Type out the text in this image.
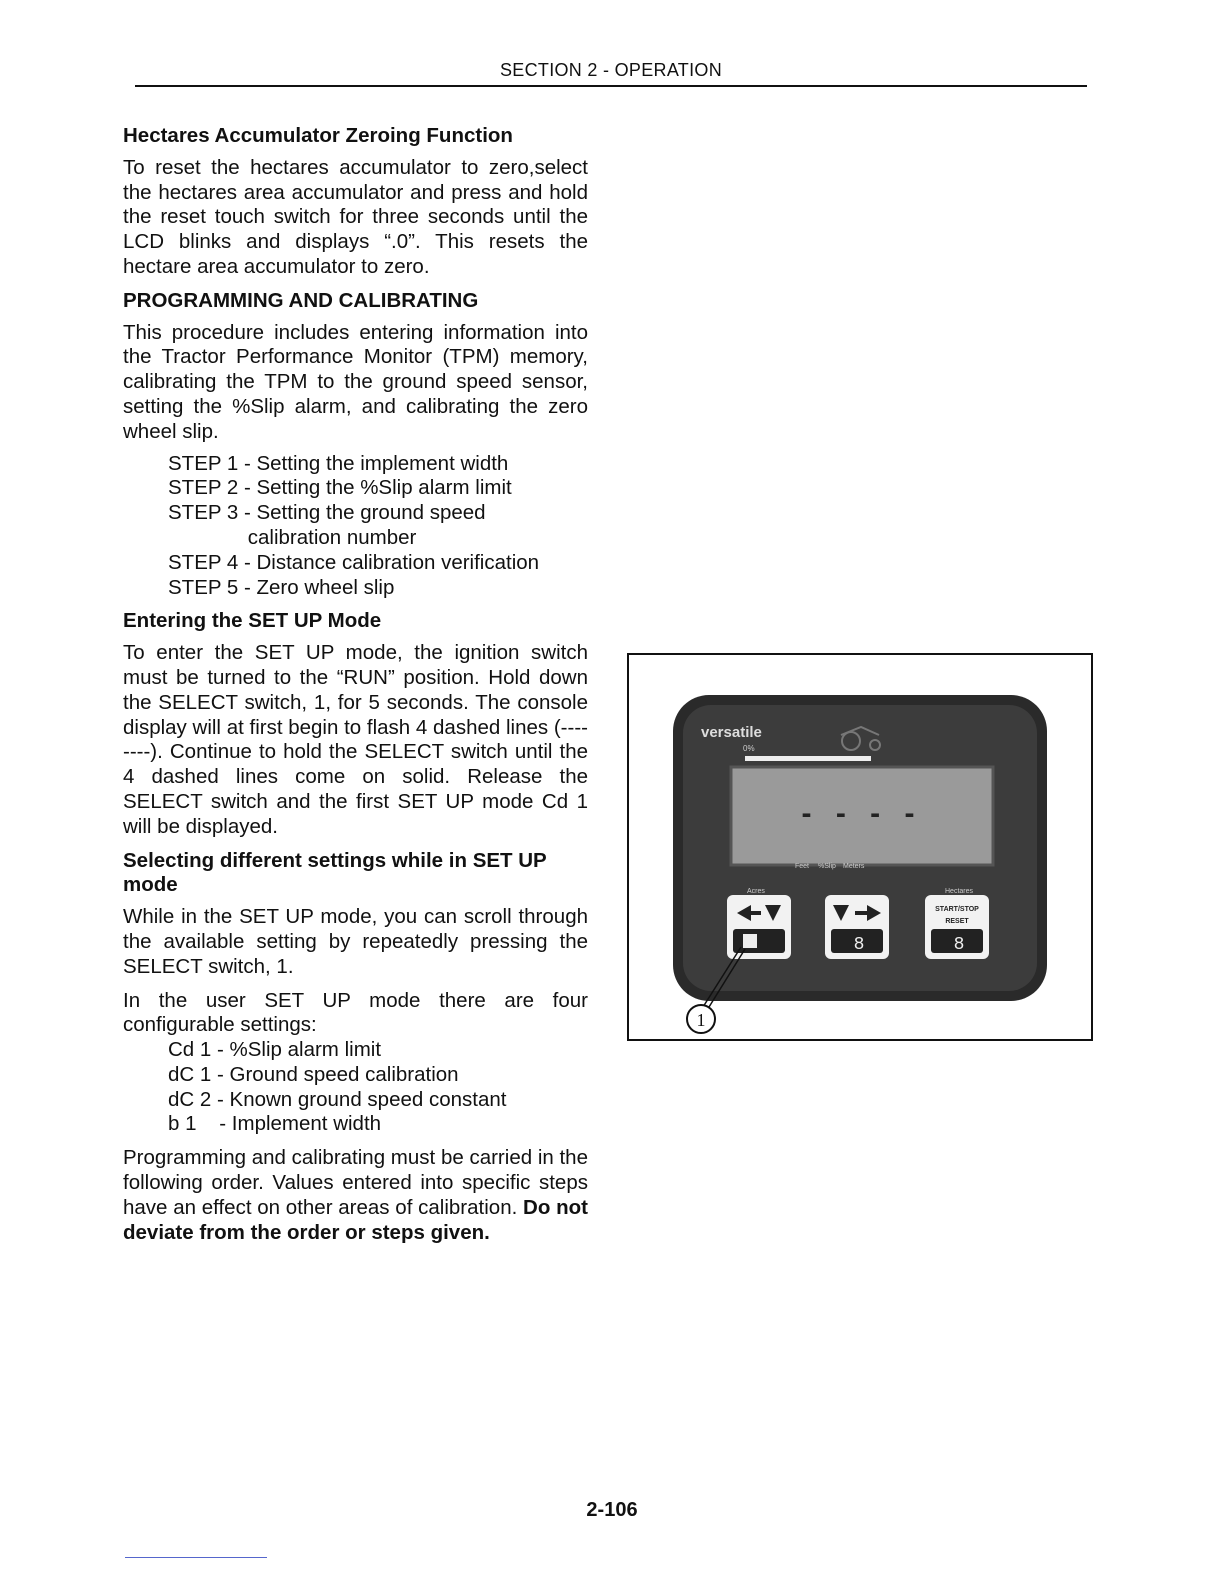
SECTION 2 - OPERATION
Hectares Accumulator Zeroing Function

To reset the hectares accumulator to zero,select the hectares area accumulator and press and hold the reset touch switch for three seconds until the LCD blinks and displays “.0”. This resets the hectare area accumulator to zero.

PROGRAMMING AND CALIBRATING

This procedure includes entering information into the Tractor Performance Monitor (TPM) memory, calibrating the TPM to the ground speed sensor, setting the %Slip alarm, and calibrating the zero wheel slip.

STEP 1 - Setting the implement width
STEP 2 - Setting the %Slip alarm limit
STEP 3 - Setting the ground speed
calibration number
STEP 4 - Distance calibration verification
STEP 5 - Zero wheel slip
Entering the SET UP Mode

To enter the SET UP mode, the ignition switch must be turned to the “RUN” position. Hold down the SELECT switch, 1, for 5 seconds. The console display will at first begin to flash 4 dashed lines (--------). Continue to hold the SELECT switch until the 4 dashed lines come on solid. Release the SELECT switch and the first SET UP mode Cd 1 will be displayed.

Selecting different settings while in SET UP mode

While in the SET UP mode, you can scroll through the available setting by repeatedly pressing the SELECT switch, 1.

In the user SET UP mode there are four configurable settings:

Cd 1 - %Slip alarm limit
dC 1 - Ground speed calibration
dC 2 - Known ground speed constant
b 1    - Implement width

Programming and calibrating must be carried in the following order. Values entered into specific steps have an effect on other areas of calibration. Do not deviate from the order or steps given.

versatile
0%
- - - -
Feet %Slip Meters
Acres	Hectares
8
START/STOP
RESET
8
1
2-106
